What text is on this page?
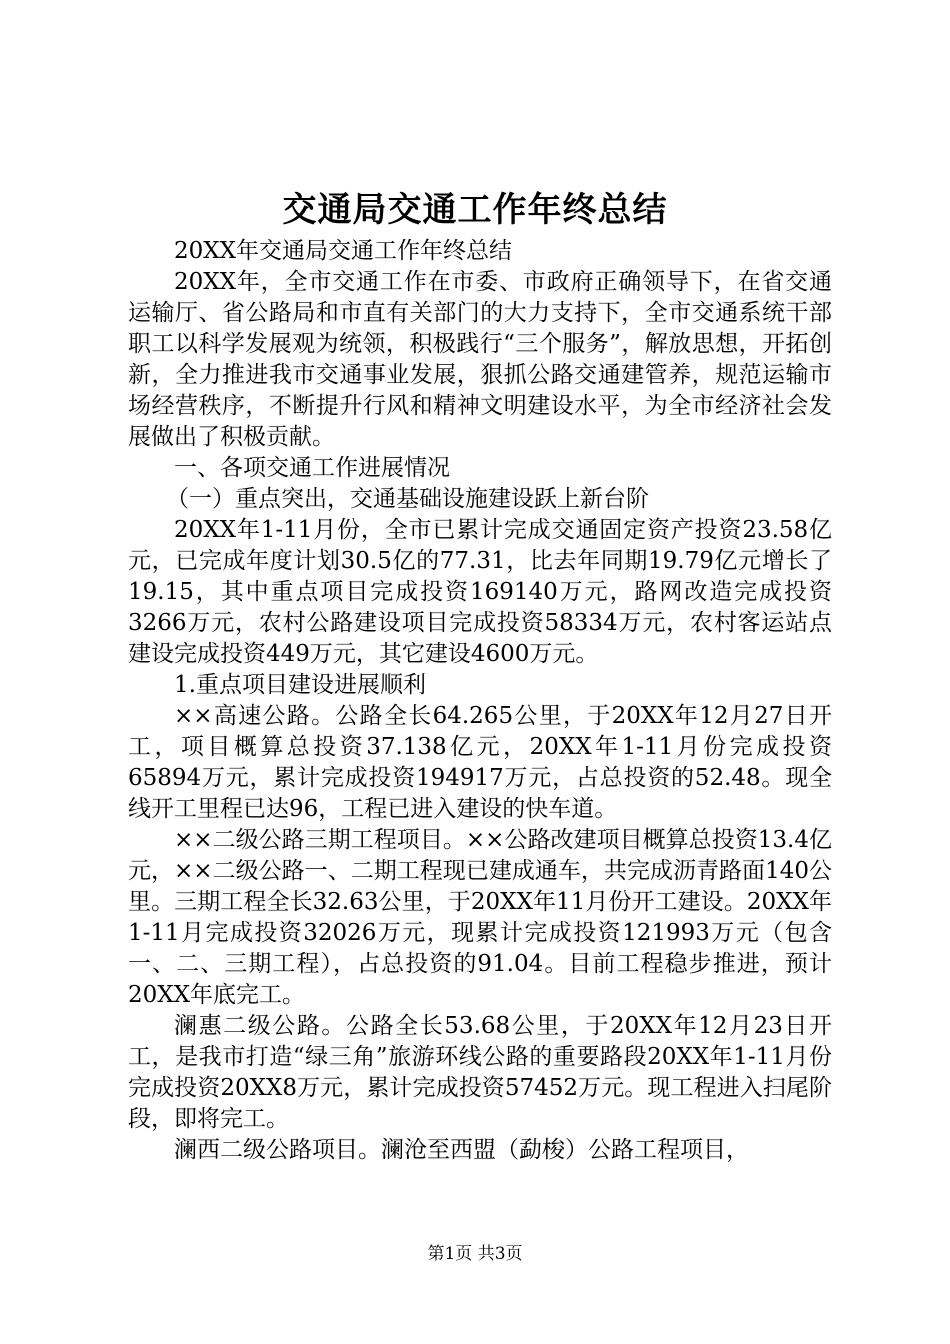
交通局交通工作年终总结

20XX年交通局交通工作年终总结

20XX年，全市交通工作在市委、市政府正确领导下，在省交通运输厅、省公路局和市直有关部门的大力支持下，全市交通系统干部职工以科学发展观为统领，积极践行“三个服务”，解放思想，开拓创新，全力推进我市交通事业发展，狠抓公路交通建管养，规范运输市场经营秩序，不断提升行风和精神文明建设水平，为全市经济社会发展做出了积极贡献。

一、各项交通工作进展情况

（一）重点突出，交通基础设施建设跃上新台阶

20XX年1-11月份，全市已累计完成交通固定资产投资23.58亿元，已完成年度计划30.5亿的77.31，比去年同期19.79亿元增长了19.15，其中重点项目完成投资169140万元，路网改造完成投资3266万元，农村公路建设项目完成投资58334万元，农村客运站点建设完成投资449万元，其它建设4600万元。

1.重点项目建设进展顺利

××高速公路。公路全长64.265公里，于20XX年12月27日开工，项目概算总投资37.138亿元，20XX年1-11月份完成投资65894万元，累计完成投资194917万元，占总投资的52.48。现全线开工里程已达96，工程已进入建设的快车道。

××二级公路三期工程项目。××公路改建项目概算总投资13.4亿元，××二级公路一、二期工程现已建成通车，共完成沥青路面140公里。三期工程全长32.63公里，于20XX年11月份开工建设。20XX年1-11月完成投资32026万元，现累计完成投资121993万元（包含一、二、三期工程），占总投资的91.04。目前工程稳步推进，预计20XX年底完工。

澜惠二级公路。公路全长53.68公里，于20XX年12月23日开工，是我市打造“绿三角”旅游环线公路的重要路段20XX年1-11月份完成投资20XX8万元，累计完成投资57452万元。现工程进入扫尾阶段，即将完工。

澜西二级公路项目。澜沧至西盟（勐梭）公路工程项目，

第1页 共3页
